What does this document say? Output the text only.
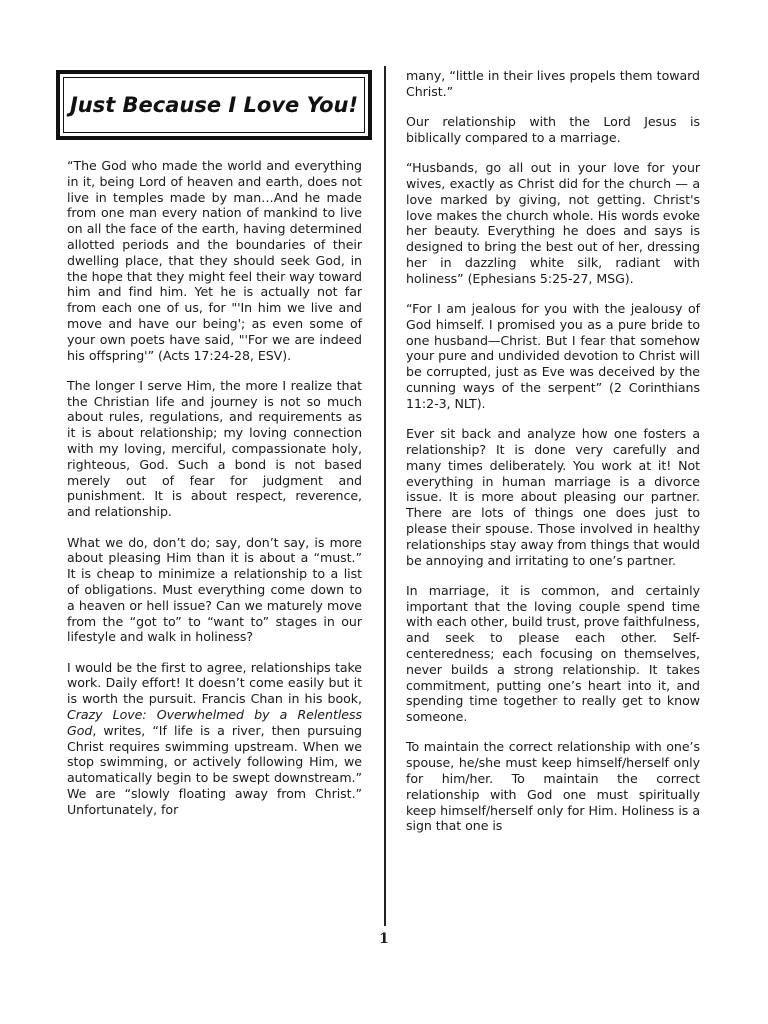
Just Because I Love You!

“The God who made the world and everything in it, being Lord of heaven and earth, does not live in temples made by man…And he made from one man every nation of mankind to live on all the face of the earth, having determined allotted periods and the boundaries of their dwelling place, that they should seek God, in the hope that they might feel their way toward him and find him. Yet he is actually not far from each one of us, for "'In him we live and move and have our being'; as even some of your own poets have said, "'For we are indeed his offspring'” (Acts 17:24-28, ESV).

The longer I serve Him, the more I realize that the Christian life and journey is not so much about rules, regulations, and requirements as it is about relationship; my loving connection with my loving, merciful, compassionate holy, righteous, God. Such a bond is not based merely out of fear for judgment and punishment. It is about respect, reverence, and relationship.

What we do, don’t do; say, don’t say, is more about pleasing Him than it is about a “must.” It is cheap to minimize a relationship to a list of obligations. Must everything come down to a heaven or hell issue? Can we maturely move from the “got to” to “want to” stages in our lifestyle and walk in holiness?

I would be the first to agree, relationships take work. Daily effort! It doesn’t come easily but it is worth the pursuit. Francis Chan in his book, Crazy Love: Overwhelmed by a Relentless God, writes, “If life is a river, then pursuing Christ requires swimming upstream. When we stop swimming, or actively following Him, we automatically begin to be swept downstream.” We are “slowly floating away from Christ.” Unfortunately, for

many, “little in their lives propels them toward Christ.”

Our relationship with the Lord Jesus is biblically compared to a marriage.

“Husbands, go all out in your love for your wives, exactly as Christ did for the church — a love marked by giving, not getting. Christ's love makes the church whole. His words evoke her beauty. Everything he does and says is designed to bring the best out of her, dressing her in dazzling white silk, radiant with holiness” (Ephesians 5:25-27, MSG).

“For I am jealous for you with the jealousy of God himself. I promised you as a pure bride to one husband—Christ. But I fear that somehow your pure and undivided devotion to Christ will be corrupted, just as Eve was deceived by the cunning ways of the serpent” (2 Corinthians 11:2-3, NLT).

Ever sit back and analyze how one fosters a relationship? It is done very carefully and many times deliberately. You work at it! Not everything in human marriage is a divorce issue. It is more about pleasing our partner. There are lots of things one does just to please their spouse. Those involved in healthy relationships stay away from things that would be annoying and irritating to one’s partner.

In marriage, it is common, and certainly important that the loving couple spend time with each other, build trust, prove faithfulness, and seek to please each other. Self-centeredness; each focusing on themselves, never builds a strong relationship. It takes commitment, putting one’s heart into it, and spending time together to really get to know someone.

To maintain the correct relationship with one’s spouse, he/she must keep himself/herself only for him/her. To maintain the correct relationship with God one must spiritually keep himself/herself only for Him. Holiness is a sign that one is

1
